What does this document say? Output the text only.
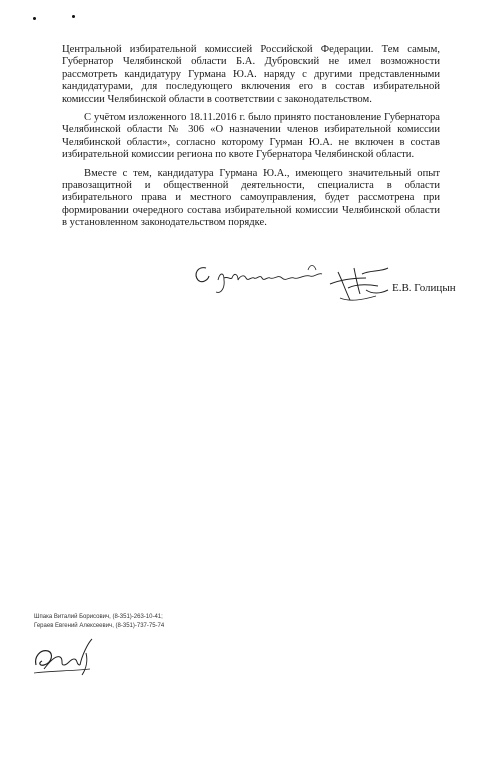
Центральной избирательной комиссией Российской Федерации. Тем самым, Губернатор Челябинской области Б.А. Дубровский не имел возможности рассмотреть кандидатуру Гурмана Ю.А. наряду с другими представленными кандидатурами, для последующего включения его в состав избирательной комиссии Челябинской области в соответствии с законодательством.

С учётом изложенного 18.11.2016 г. было принято постановление Губернатора Челябинской области № 306 «О назначении членов избирательной комиссии Челябинской области», согласно которому Гурман Ю.А. не включен в состав избирательной комиссии региона по квоте Губернатора Челябинской области.

Вместе с тем, кандидатура Гурмана Ю.А., имеющего значительный опыт правозащитной и общественной деятельности, специалиста в области избирательного права и местного самоуправления, будет рассмотрена при формировании очередного состава избирательной комиссии Челябинской области в установленном законодательством порядке.

Е.В. Голицын
Шпака Виталий Борисович, (8-351)-263-10-41;
Гераев Евгений Алексеевич, (8-351)-737-75-74
